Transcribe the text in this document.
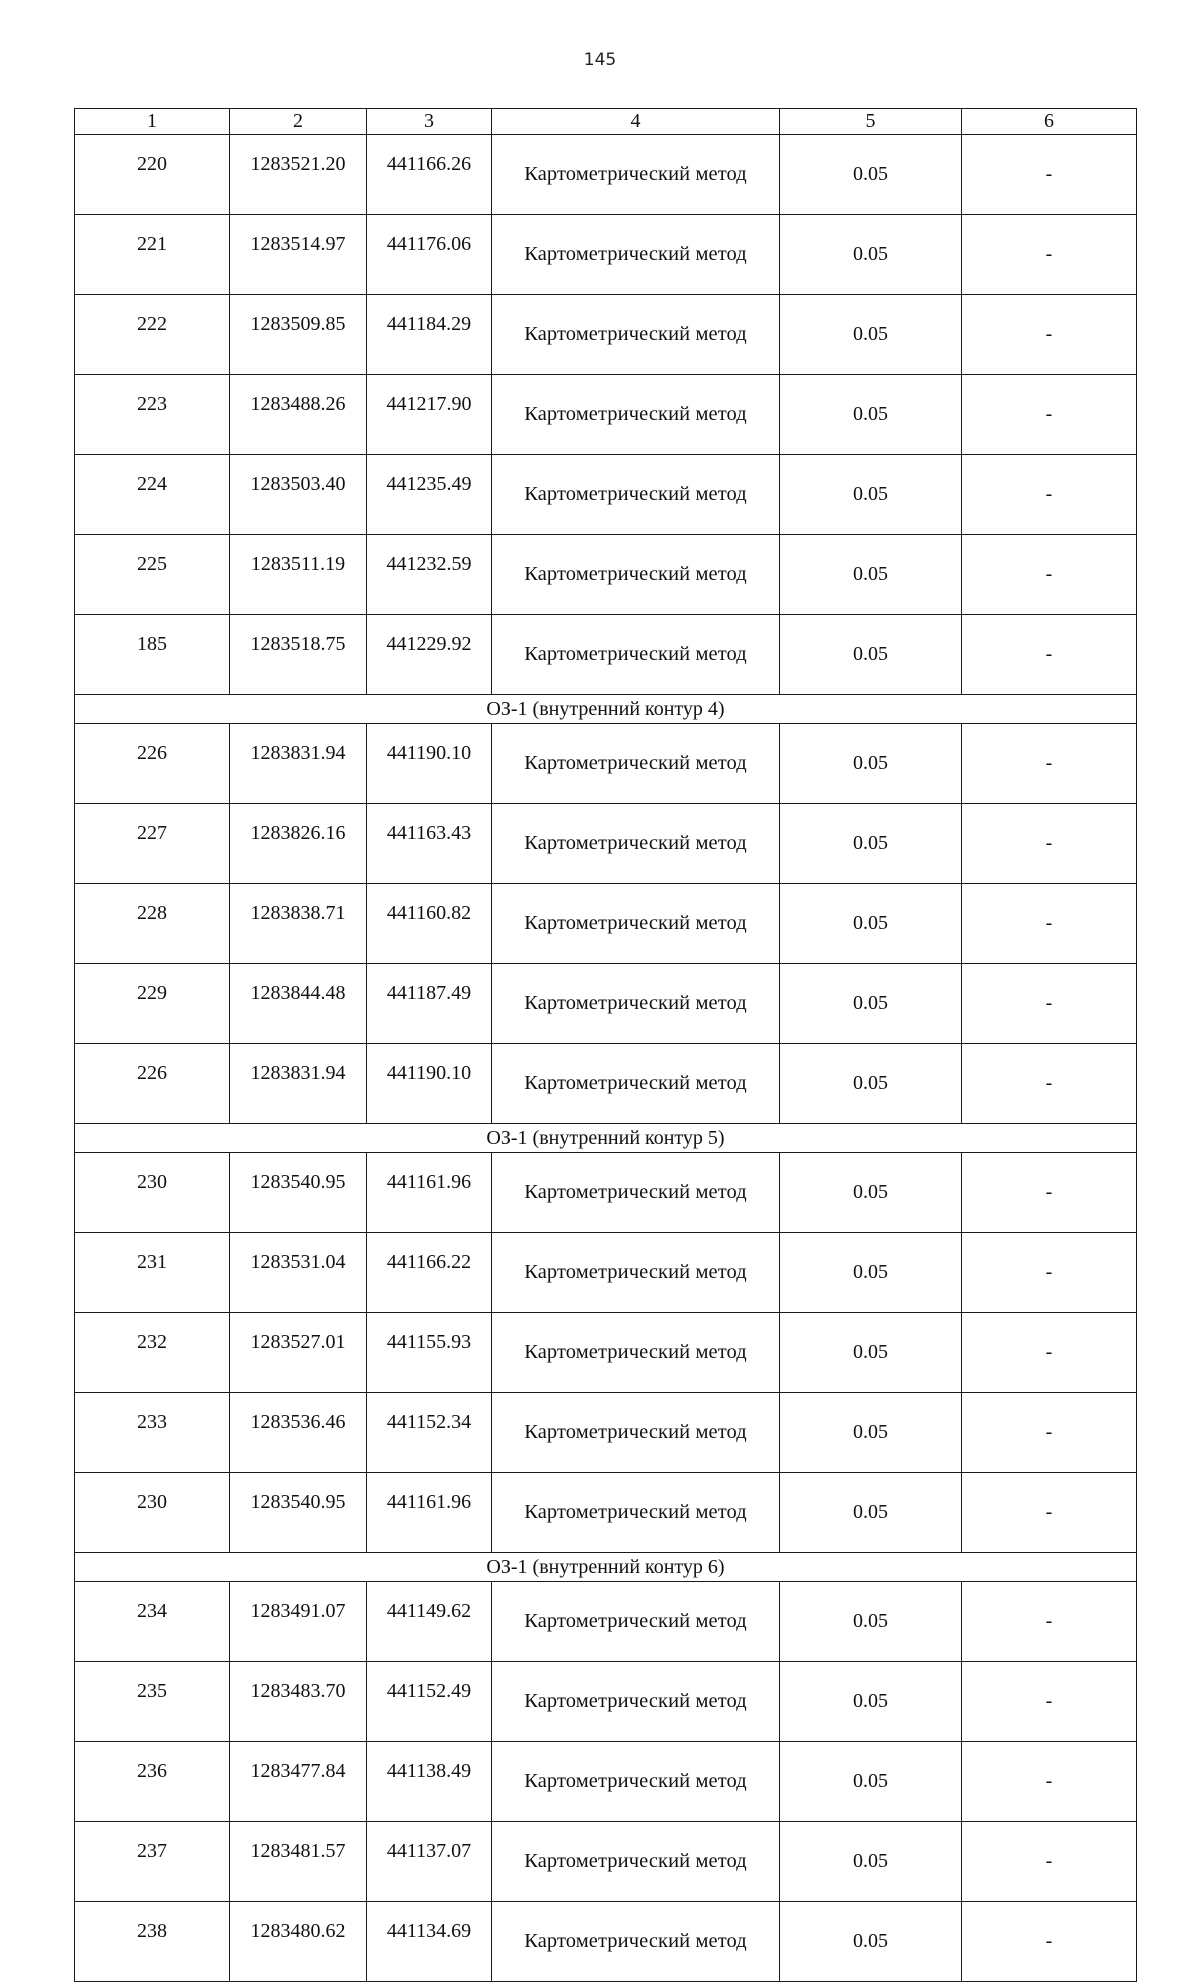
145
1	2	3	4	5	6
220	1283521.20	441166.26	Картометрический метод	0.05	-
221	1283514.97	441176.06	Картометрический метод	0.05	-
222	1283509.85	441184.29	Картометрический метод	0.05	-
223	1283488.26	441217.90	Картометрический метод	0.05	-
224	1283503.40	441235.49	Картометрический метод	0.05	-
225	1283511.19	441232.59	Картометрический метод	0.05	-
185	1283518.75	441229.92	Картометрический метод	0.05	-
ОЗ-1 (внутренний контур 4)					
226	1283831.94	441190.10	Картометрический метод	0.05	-
227	1283826.16	441163.43	Картометрический метод	0.05	-
228	1283838.71	441160.82	Картометрический метод	0.05	-
229	1283844.48	441187.49	Картометрический метод	0.05	-
226	1283831.94	441190.10	Картометрический метод	0.05	-
ОЗ-1 (внутренний контур 5)					
230	1283540.95	441161.96	Картометрический метод	0.05	-
231	1283531.04	441166.22	Картометрический метод	0.05	-
232	1283527.01	441155.93	Картометрический метод	0.05	-
233	1283536.46	441152.34	Картометрический метод	0.05	-
230	1283540.95	441161.96	Картометрический метод	0.05	-
ОЗ-1 (внутренний контур 6)					
234	1283491.07	441149.62	Картометрический метод	0.05	-
235	1283483.70	441152.49	Картометрический метод	0.05	-
236	1283477.84	441138.49	Картометрический метод	0.05	-
237	1283481.57	441137.07	Картометрический метод	0.05	-
238	1283480.62	441134.69	Картометрический метод	0.05	-
